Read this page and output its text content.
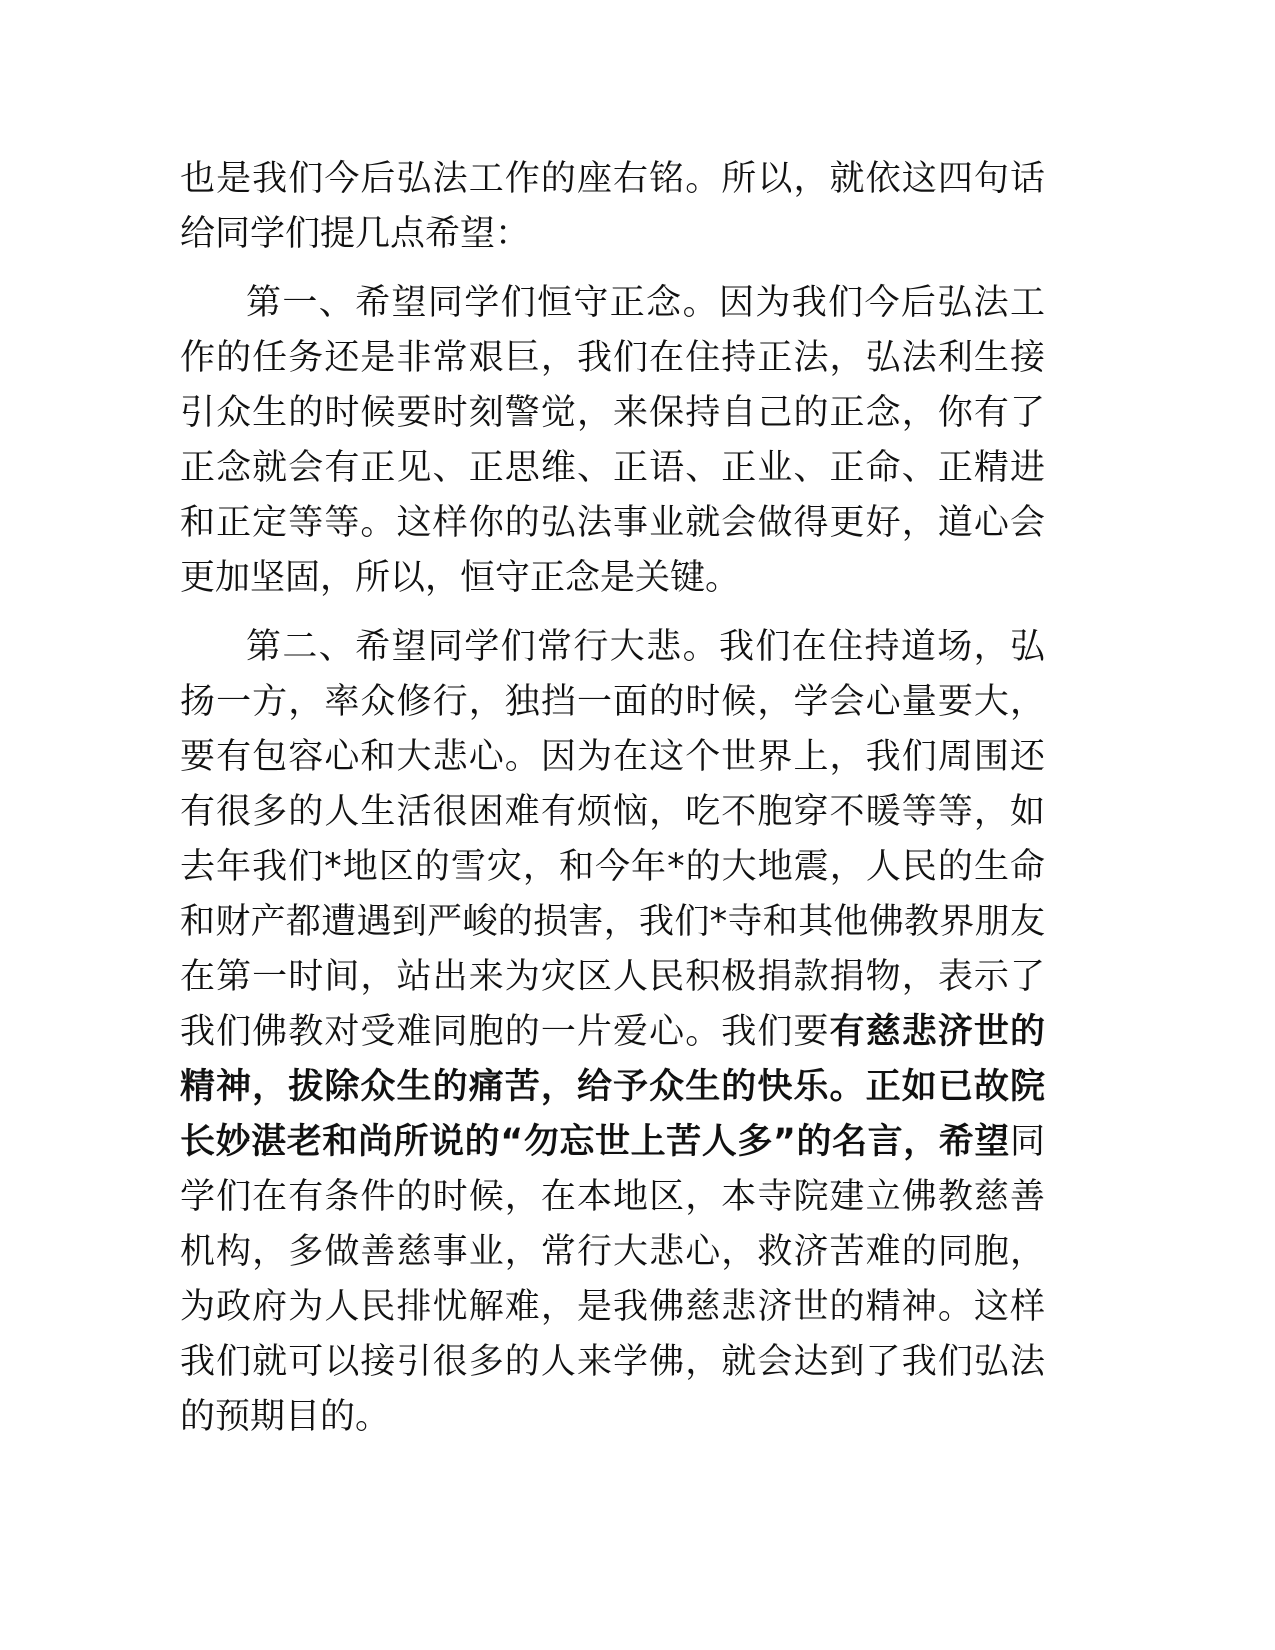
也是我们今后弘法工作的座右铭。所以，就依这四句话给同学们提几点希望：

第一、希望同学们恒守正念。因为我们今后弘法工作的任务还是非常艰巨，我们在住持正法，弘法利生接引众生的时候要时刻警觉，来保持自己的正念，你有了正念就会有正见、正思维、正语、正业、正命、正精进和正定等等。这样你的弘法事业就会做得更好，道心会更加坚固，所以，恒守正念是关键。

第二、希望同学们常行大悲。我们在住持道场，弘扬一方，率众修行，独挡一面的时候，学会心量要大，要有包容心和大悲心。因为在这个世界上，我们周围还有很多的人生活很困难有烦恼，吃不胞穿不暖等等，如去年我们*地区的雪灾，和今年*的大地震，人民的生命和财产都遭遇到严峻的损害，我们*寺和其他佛教界朋友在第一时间，站出来为灾区人民积极捐款捐物，表示了我们佛教对受难同胞的一片爱心。我们要有慈悲济世的精神，拔除众生的痛苦，给予众生的快乐。正如已故院长妙湛老和尚所说的“勿忘世上苦人多”的名言，希望同学们在有条件的时候，在本地区，本寺院建立佛教慈善机构，多做善慈事业，常行大悲心，救济苦难的同胞，为政府为人民排忧解难，是我佛慈悲济世的精神。这样我们就可以接引很多的人来学佛，就会达到了我们弘法的预期目的。
